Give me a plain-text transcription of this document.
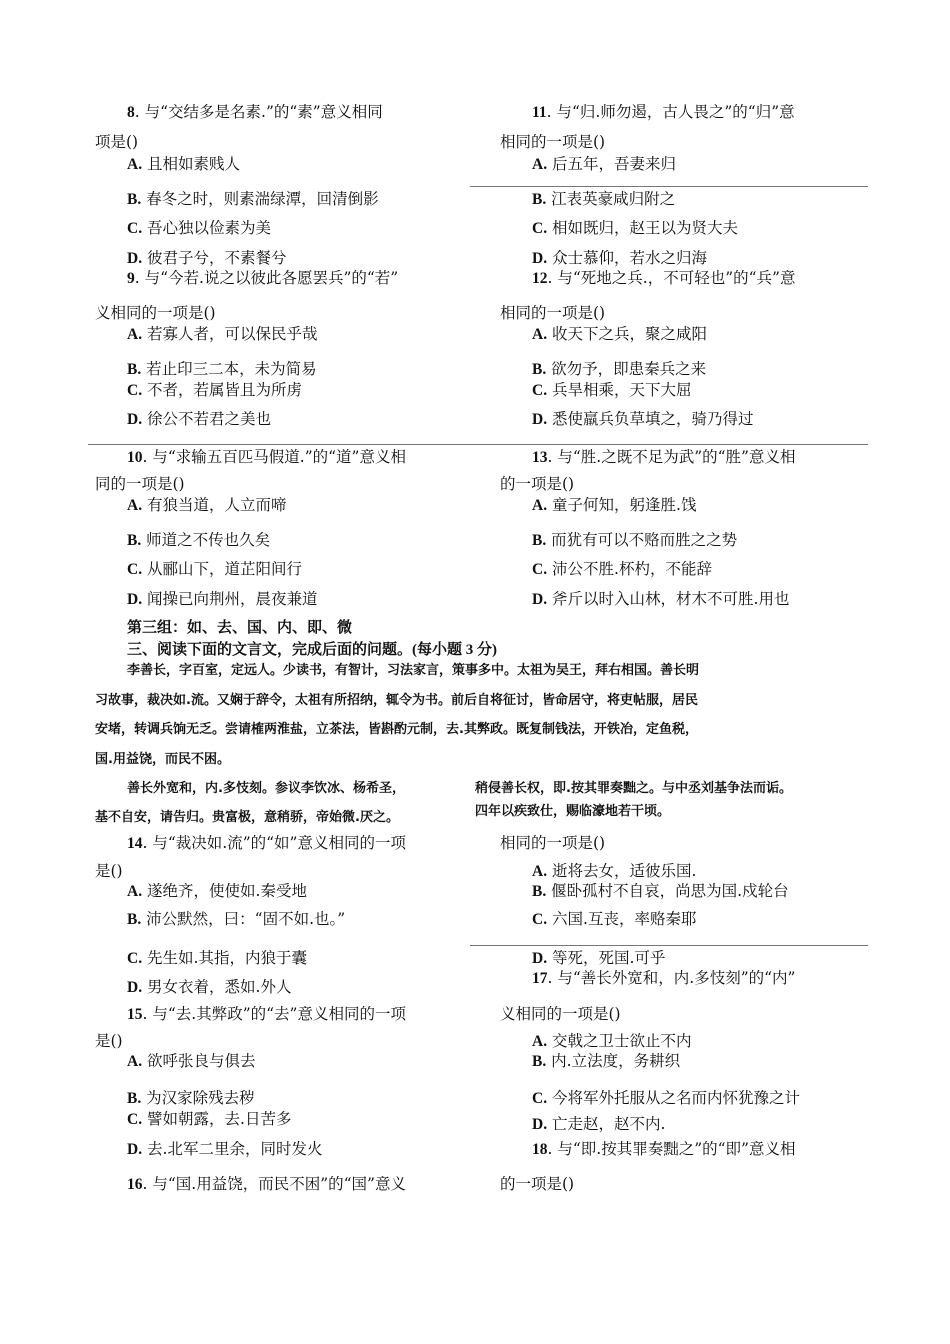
8. 与“交结多是名素.”的“素”意义相同
项是()
A. 且相如素贱人
B. 春冬之时，则素湍绿潭，回清倒影
C. 吾心独以俭素为美
D. 彼君子兮，不素餐兮
9. 与“今若.说之以彼此各愿罢兵”的“若”
义相同的一项是()
A. 若寡人者，可以保民乎哉
B. 若止印三二本，未为简易
C. 不者，若属皆且为所虏
D. 徐公不若君之美也
10. 与“求输五百匹马假道.”的“道”意义相
同的一项是()
A. 有狼当道，人立而啼
B. 师道之不传也久矣
C. 从郦山下，道芷阳间行
D. 闻操已向荆州，晨夜兼道
11. 与“归.师勿遏，古人畏之”的“归”意
相同的一项是()
A. 后五年，吾妻来归
B. 江表英豪咸归附之
C. 相如既归，赵王以为贤大夫
D. 众士慕仰，若水之归海
12. 与“死地之兵.，不可轻也”的“兵”意
相同的一项是()
A. 收天下之兵，聚之咸阳
B. 欲勿予，即患秦兵之来
C. 兵旱相乘，天下大屈
D. 悉使羸兵负草填之，骑乃得过
13. 与“胜.之既不足为武”的“胜”意义相
的一项是()
A. 童子何知，躬逢胜.饯
B. 而犹有可以不赂而胜之之势
C. 沛公不胜.杯杓，不能辞
D. 斧斤以时入山林，材木不可胜.用也
第三组：如、去、国、内、即、微
三、阅读下面的文言文，完成后面的问题。(每小题 3 分)
李善长，字百室，定远人。少读书，有智计，习法家言，策事多中。太祖为吴王，拜右相国。善长明
习故事，裁决如.流。又娴于辞令，太祖有所招纳，辄令为书。前后自将征讨，皆命居守，将吏帖服，居民
安堵，转调兵饷无乏。尝请榷两淮盐，立茶法，皆斟酌元制，去.其弊政。既复制钱法，开铁冶，定鱼税，
国.用益饶，而民不困。
善长外宽和，内.多忮刻。参议李饮冰、杨希圣，	稍侵善长权，即.按其罪奏黜之。与中丞刘基争法而诟。
基不自安，请告归。贵富极，意稍骄，帝始微.厌之。	四年以疾致仕，赐临濠地若干顷。
14. 与“裁决如.流”的“如”意义相同的一项
是()
A. 遂绝齐，使使如.秦受地
B. 沛公默然，曰：“固不如.也。”
C. 先生如.其指，内狼于囊
D. 男女衣着，悉如.外人
15. 与“去.其弊政”的“去”意义相同的一项
是()
A. 欲呼张良与俱去
B. 为汉家除残去秽
C. 譬如朝露，去.日苦多
D. 去.北军二里余，同时发火
16. 与“国.用益饶，而民不困”的“国”意义
相同的一项是()
A. 逝将去女，适彼乐国.
B. 偃卧孤村不自哀，尚思为国.戍轮台
C. 六国.互丧，率赂秦耶
D. 等死，死国.可乎
17. 与“善长外宽和，内.多忮刻”的“内”
义相同的一项是()
A. 交戟之卫士欲止不内
B. 内.立法度，务耕织
C. 今将军外托服从之名而内怀犹豫之计
D. 亡走赵，赵不内.
18. 与“即.按其罪奏黜之”的“即”意义相
的一项是()
